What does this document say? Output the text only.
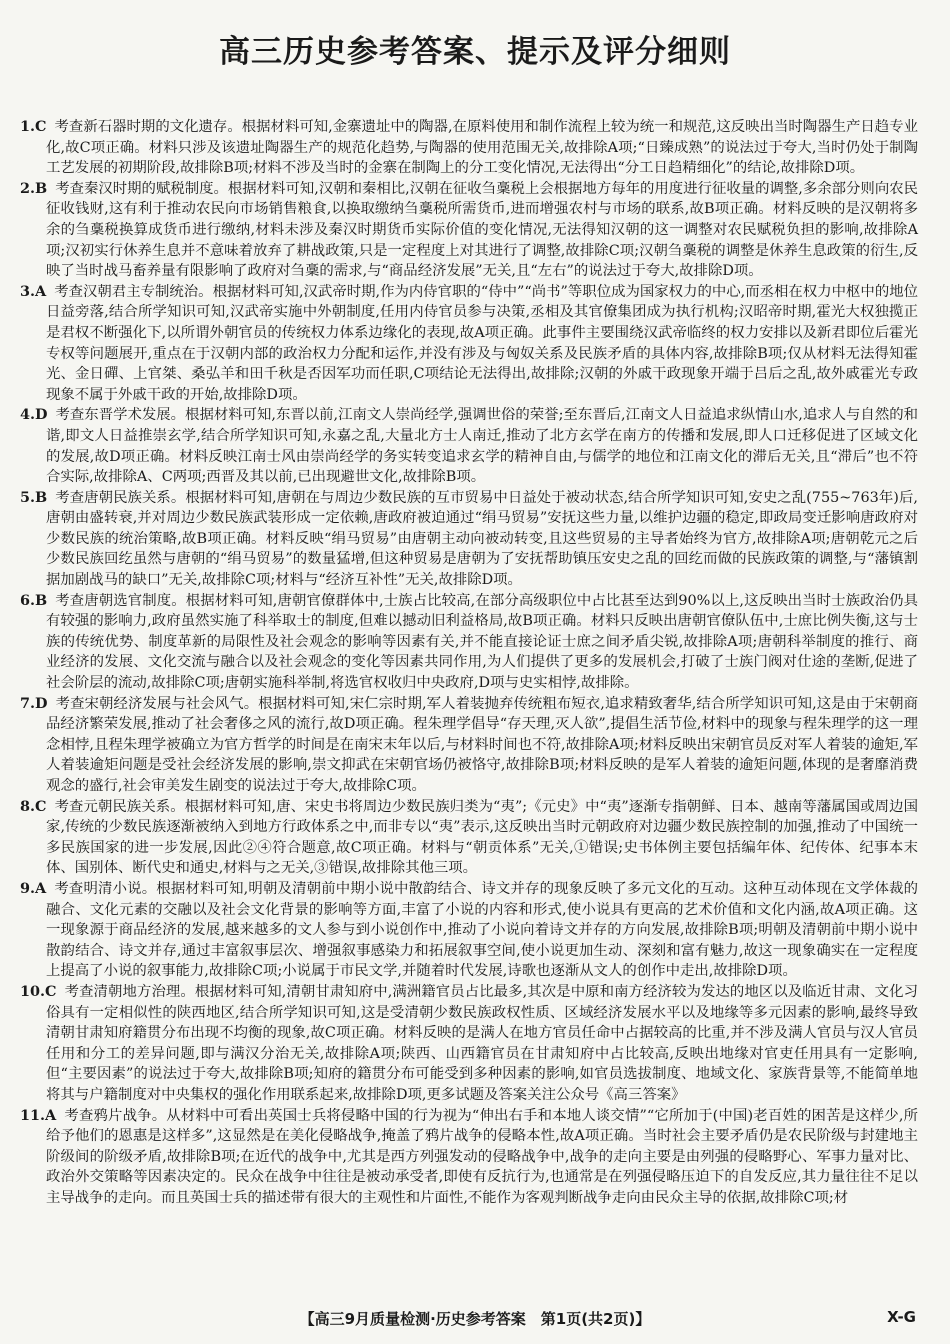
高三历史参考答案、提示及评分细则

1.C 考查新石器时期的文化遗存。根据材料可知,金寨遗址中的陶器,在原料使用和制作流程上较为统一和规范,这反映出当时陶器生产日趋专业化,故C项正确。材料只涉及该遗址陶器生产的规范化趋势,与陶器的使用范围无关,故排除A项;“日臻成熟”的说法过于夸大,当时仍处于制陶工艺发展的初期阶段,故排除B项;材料不涉及当时的金寨在制陶上的分工变化情况,无法得出“分工日趋精细化”的结论,故排除D项。

2.B 考查秦汉时期的赋税制度。根据材料可知,汉朝和秦相比,汉朝在征收刍稾税上会根据地方每年的用度进行征收量的调整,多余部分则向农民征收钱财,这有利于推动农民向市场销售粮食,以换取缴纳刍稾税所需货币,进而增强农村与市场的联系,故B项正确。材料反映的是汉朝将多余的刍稾税换算成货币进行缴纳,材料未涉及秦汉时期货币实际价值的变化情况,无法得知汉朝的这一调整对农民赋税负担的影响,故排除A项;汉初实行休养生息并不意味着放弃了耕战政策,只是一定程度上对其进行了调整,故排除C项;汉朝刍稾税的调整是休养生息政策的衍生,反映了当时战马畜养量有限影响了政府对刍稾的需求,与“商品经济发展”无关,且“左右”的说法过于夸大,故排除D项。

3.A 考查汉朝君主专制统治。根据材料可知,汉武帝时期,作为内侍官职的“侍中”“尚书”等职位成为国家权力的中心,而丞相在权力中枢中的地位日益旁落,结合所学知识可知,汉武帝实施中外朝制度,任用内侍官员参与决策,丞相及其官僚集团成为执行机构;汉昭帝时期,霍光大权独揽正是君权不断强化下,以所谓外朝官员的传统权力体系边缘化的表现,故A项正确。此事件主要围绕汉武帝临终的权力安排以及新君即位后霍光专权等问题展开,重点在于汉朝内部的政治权力分配和运作,并没有涉及与匈奴关系及民族矛盾的具体内容,故排除B项;仅从材料无法得知霍光、金日磾、上官桀、桑弘羊和田千秋是否因军功而任职,C项结论无法得出,故排除;汉朝的外戚干政现象开端于吕后之乱,故外戚霍光专政现象不属于外戚干政的开始,故排除D项。

4.D 考查东晋学术发展。根据材料可知,东晋以前,江南文人崇尚经学,强调世俗的荣誉;至东晋后,江南文人日益追求纵情山水,追求人与自然的和谐,即文人日益推崇玄学,结合所学知识可知,永嘉之乱,大量北方士人南迁,推动了北方玄学在南方的传播和发展,即人口迁移促进了区域文化的发展,故D项正确。材料反映江南士风由崇尚经学的务实转变追求玄学的精神自由,与儒学的地位和江南文化的滞后无关,且“滞后”也不符合实际,故排除A、C两项;西晋及其以前,已出现避世文化,故排除B项。

5.B 考查唐朝民族关系。根据材料可知,唐朝在与周边少数民族的互市贸易中日益处于被动状态,结合所学知识可知,安史之乱(755~763年)后,唐朝由盛转衰,并对周边少数民族武装形成一定依赖,唐政府被迫通过“绢马贸易”安抚这些力量,以维护边疆的稳定,即政局变迁影响唐政府对少数民族的统治策略,故B项正确。材料反映“绢马贸易”由唐朝主动向被动转变,且这些贸易的主导者始终为官方,故排除A项;唐朝乾元之后少数民族回纥虽然与唐朝的“绢马贸易”的数量猛增,但这种贸易是唐朝为了安抚帮助镇压安史之乱的回纥而做的民族政策的调整,与“藩镇割据加剧战马的缺口”无关,故排除C项;材料与“经济互补性”无关,故排除D项。

6.B 考查唐朝选官制度。根据材料可知,唐朝官僚群体中,士族占比较高,在部分高级职位中占比甚至达到90%以上,这反映出当时士族政治仍具有较强的影响力,政府虽然实施了科举取士的制度,但难以撼动旧利益格局,故B项正确。材料只反映出唐朝官僚队伍中,士庶比例失衡,这与士族的传统优势、制度革新的局限性及社会观念的影响等因素有关,并不能直接论证士庶之间矛盾尖锐,故排除A项;唐朝科举制度的推行、商业经济的发展、文化交流与融合以及社会观念的变化等因素共同作用,为人们提供了更多的发展机会,打破了士族门阀对仕途的垄断,促进了社会阶层的流动,故排除C项;唐朝实施科举制,将选官权收归中央政府,D项与史实相悖,故排除。

7.D 考查宋朝经济发展与社会风气。根据材料可知,宋仁宗时期,军人着装抛弃传统粗布短衣,追求精致奢华,结合所学知识可知,这是由于宋朝商品经济繁荣发展,推动了社会奢侈之风的流行,故D项正确。程朱理学倡导“存天理,灭人欲”,提倡生活节俭,材料中的现象与程朱理学的这一理念相悖,且程朱理学被确立为官方哲学的时间是在南宋末年以后,与材料时间也不符,故排除A项;材料反映出宋朝官员反对军人着装的逾矩,军人着装逾矩问题是受社会经济发展的影响,崇文抑武在宋朝官场仍被恪守,故排除B项;材料反映的是军人着装的逾矩问题,体现的是奢靡消费观念的盛行,社会审美发生剧变的说法过于夸大,故排除C项。

8.C 考查元朝民族关系。根据材料可知,唐、宋史书将周边少数民族归类为“夷”;《元史》中“夷”逐渐专指朝鲜、日本、越南等藩属国或周边国家,传统的少数民族逐渐被纳入到地方行政体系之中,而非专以“夷”表示,这反映出当时元朝政府对边疆少数民族控制的加强,推动了中国统一多民族国家的进一步发展,因此②④符合题意,故C项正确。材料与“朝贡体系”无关,①错误;史书体例主要包括编年体、纪传体、纪事本末体、国别体、断代史和通史,材料与之无关,③错误,故排除其他三项。

9.A 考查明清小说。根据材料可知,明朝及清朝前中期小说中散韵结合、诗文并存的现象反映了多元文化的互动。这种互动体现在文学体裁的融合、文化元素的交融以及社会文化背景的影响等方面,丰富了小说的内容和形式,使小说具有更高的艺术价值和文化内涵,故A项正确。这一现象源于商品经济的发展,越来越多的文人参与到小说创作中,推动了小说向着诗文并存的方向发展,故排除B项;明朝及清朝前中期小说中散韵结合、诗文并存,通过丰富叙事层次、增强叙事感染力和拓展叙事空间,使小说更加生动、深刻和富有魅力,故这一现象确实在一定程度上提高了小说的叙事能力,故排除C项;小说属于市民文学,并随着时代发展,诗歌也逐渐从文人的创作中走出,故排除D项。

10.C 考查清朝地方治理。根据材料可知,清朝甘肃知府中,满洲籍官员占比最多,其次是中原和南方经济较为发达的地区以及临近甘肃、文化习俗具有一定相似性的陕西地区,结合所学知识可知,这是受清朝少数民族政权性质、区域经济发展水平以及地缘等多元因素的影响,最终导致清朝甘肃知府籍贯分布出现不均衡的现象,故C项正确。材料反映的是满人在地方官员任命中占据较高的比重,并不涉及满人官员与汉人官员任用和分工的差异问题,即与满汉分治无关,故排除A项;陕西、山西籍官员在甘肃知府中占比较高,反映出地缘对官吏任用具有一定影响,但“主要因素”的说法过于夸大,故排除B项;知府的籍贯分布可能受到多种因素的影响,如官员选拔制度、地域文化、家族背景等,不能简单地将其与户籍制度对中央集权的强化作用联系起来,故排除D项,更多试题及答案关注公众号《高三答案》

11.A 考查鸦片战争。从材料中可看出英国士兵将侵略中国的行为视为“伸出右手和本地人谈交情”“它所加于(中国)老百姓的困苦是这样少,所给予他们的恩惠是这样多”,这显然是在美化侵略战争,掩盖了鸦片战争的侵略本性,故A项正确。当时社会主要矛盾仍是农民阶级与封建地主阶级间的阶级矛盾,故排除B项;在近代的战争中,尤其是西方列强发动的侵略战争中,战争的走向主要是由列强的侵略野心、军事力量对比、政治外交策略等因素决定的。民众在战争中往往是被动承受者,即使有反抗行为,也通常是在列强侵略压迫下的自发反应,其力量往往不足以主导战争的走向。而且英国士兵的描述带有很大的主观性和片面性,不能作为客观判断战争走向由民众主导的依据,故排除C项;材

【高三9月质量检测·历史参考答案　第1页(共2页)】	X-G
